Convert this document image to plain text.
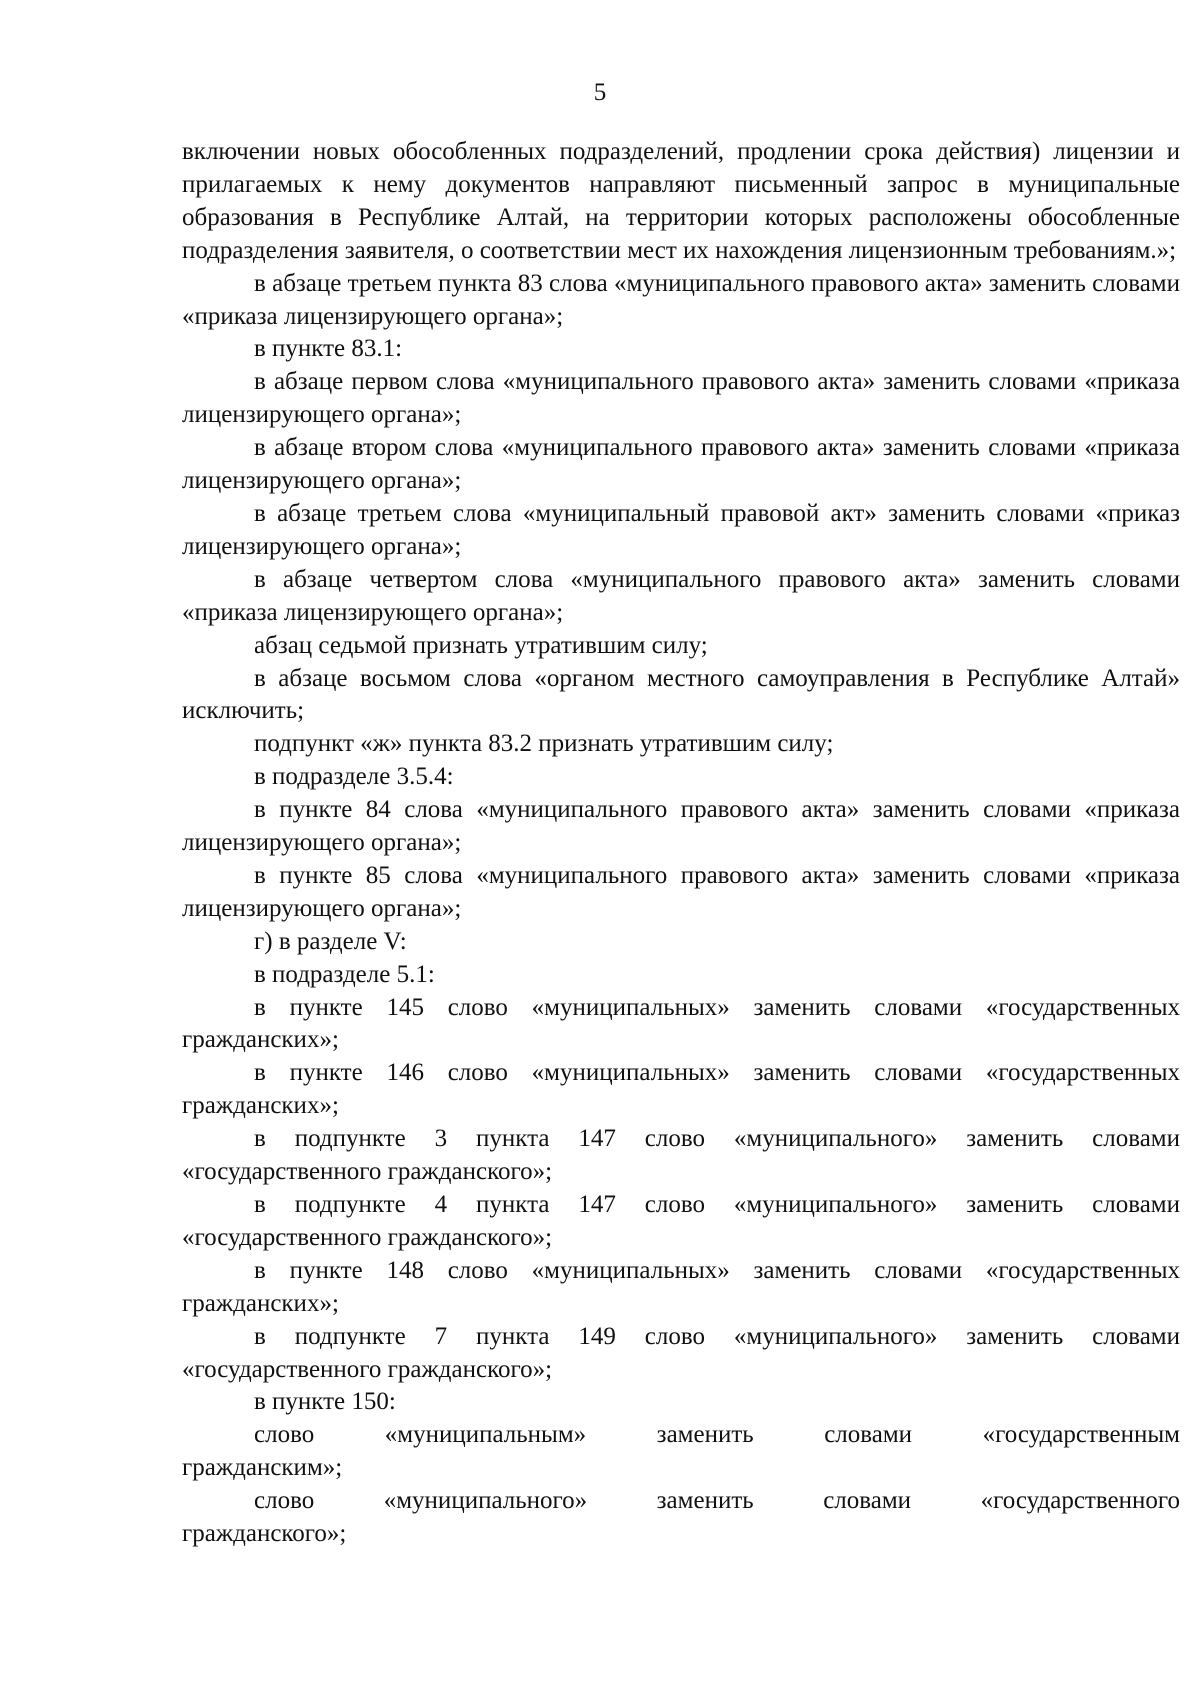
5

включении новых обособленных подразделений, продлении срока действия) лицензии и прилагаемых к нему документов направляют письменный запрос в муниципальные образования в Республике Алтай, на территории которых расположены обособленные подразделения заявителя, о соответствии мест их нахождения лицензионным требованиям.»;

в абзаце третьем пункта 83 слова «муниципального правового акта» заменить словами «приказа лицензирующего органа»;

в пункте 83.1:

в абзаце первом слова «муниципального правового акта» заменить словами «приказа лицензирующего органа»;

в абзаце втором слова «муниципального правового акта» заменить словами «приказа лицензирующего органа»;

в абзаце третьем слова «муниципальный правовой акт» заменить словами «приказ лицензирующего органа»;

в абзаце четвертом слова «муниципального правового акта» заменить словами «приказа лицензирующего органа»;

абзац седьмой признать утратившим силу;

в абзаце восьмом слова «органом местного самоуправления в Республике Алтай» исключить;

подпункт «ж» пункта 83.2 признать утратившим силу;

в подразделе 3.5.4:

в пункте 84 слова «муниципального правового акта» заменить словами «приказа лицензирующего органа»;

в пункте 85 слова «муниципального правового акта» заменить словами «приказа лицензирующего органа»;

г) в разделе V:

в подразделе 5.1:

в пункте 145 слово «муниципальных» заменить словами «государственных гражданских»;

в пункте 146 слово «муниципальных» заменить словами «государственных гражданских»;

в подпункте 3 пункта 147 слово «муниципального» заменить словами «государственного гражданского»;

в подпункте 4 пункта 147 слово «муниципального» заменить словами «государственного гражданского»;

в пункте 148 слово «муниципальных» заменить словами «государственных гражданских»;

в подпункте 7 пункта 149 слово «муниципального» заменить словами «государственного гражданского»;

в пункте 150:

слово «муниципальным» заменить словами «государственным
гражданским»;

слово «муниципального» заменить словами «государственного
гражданского»;
